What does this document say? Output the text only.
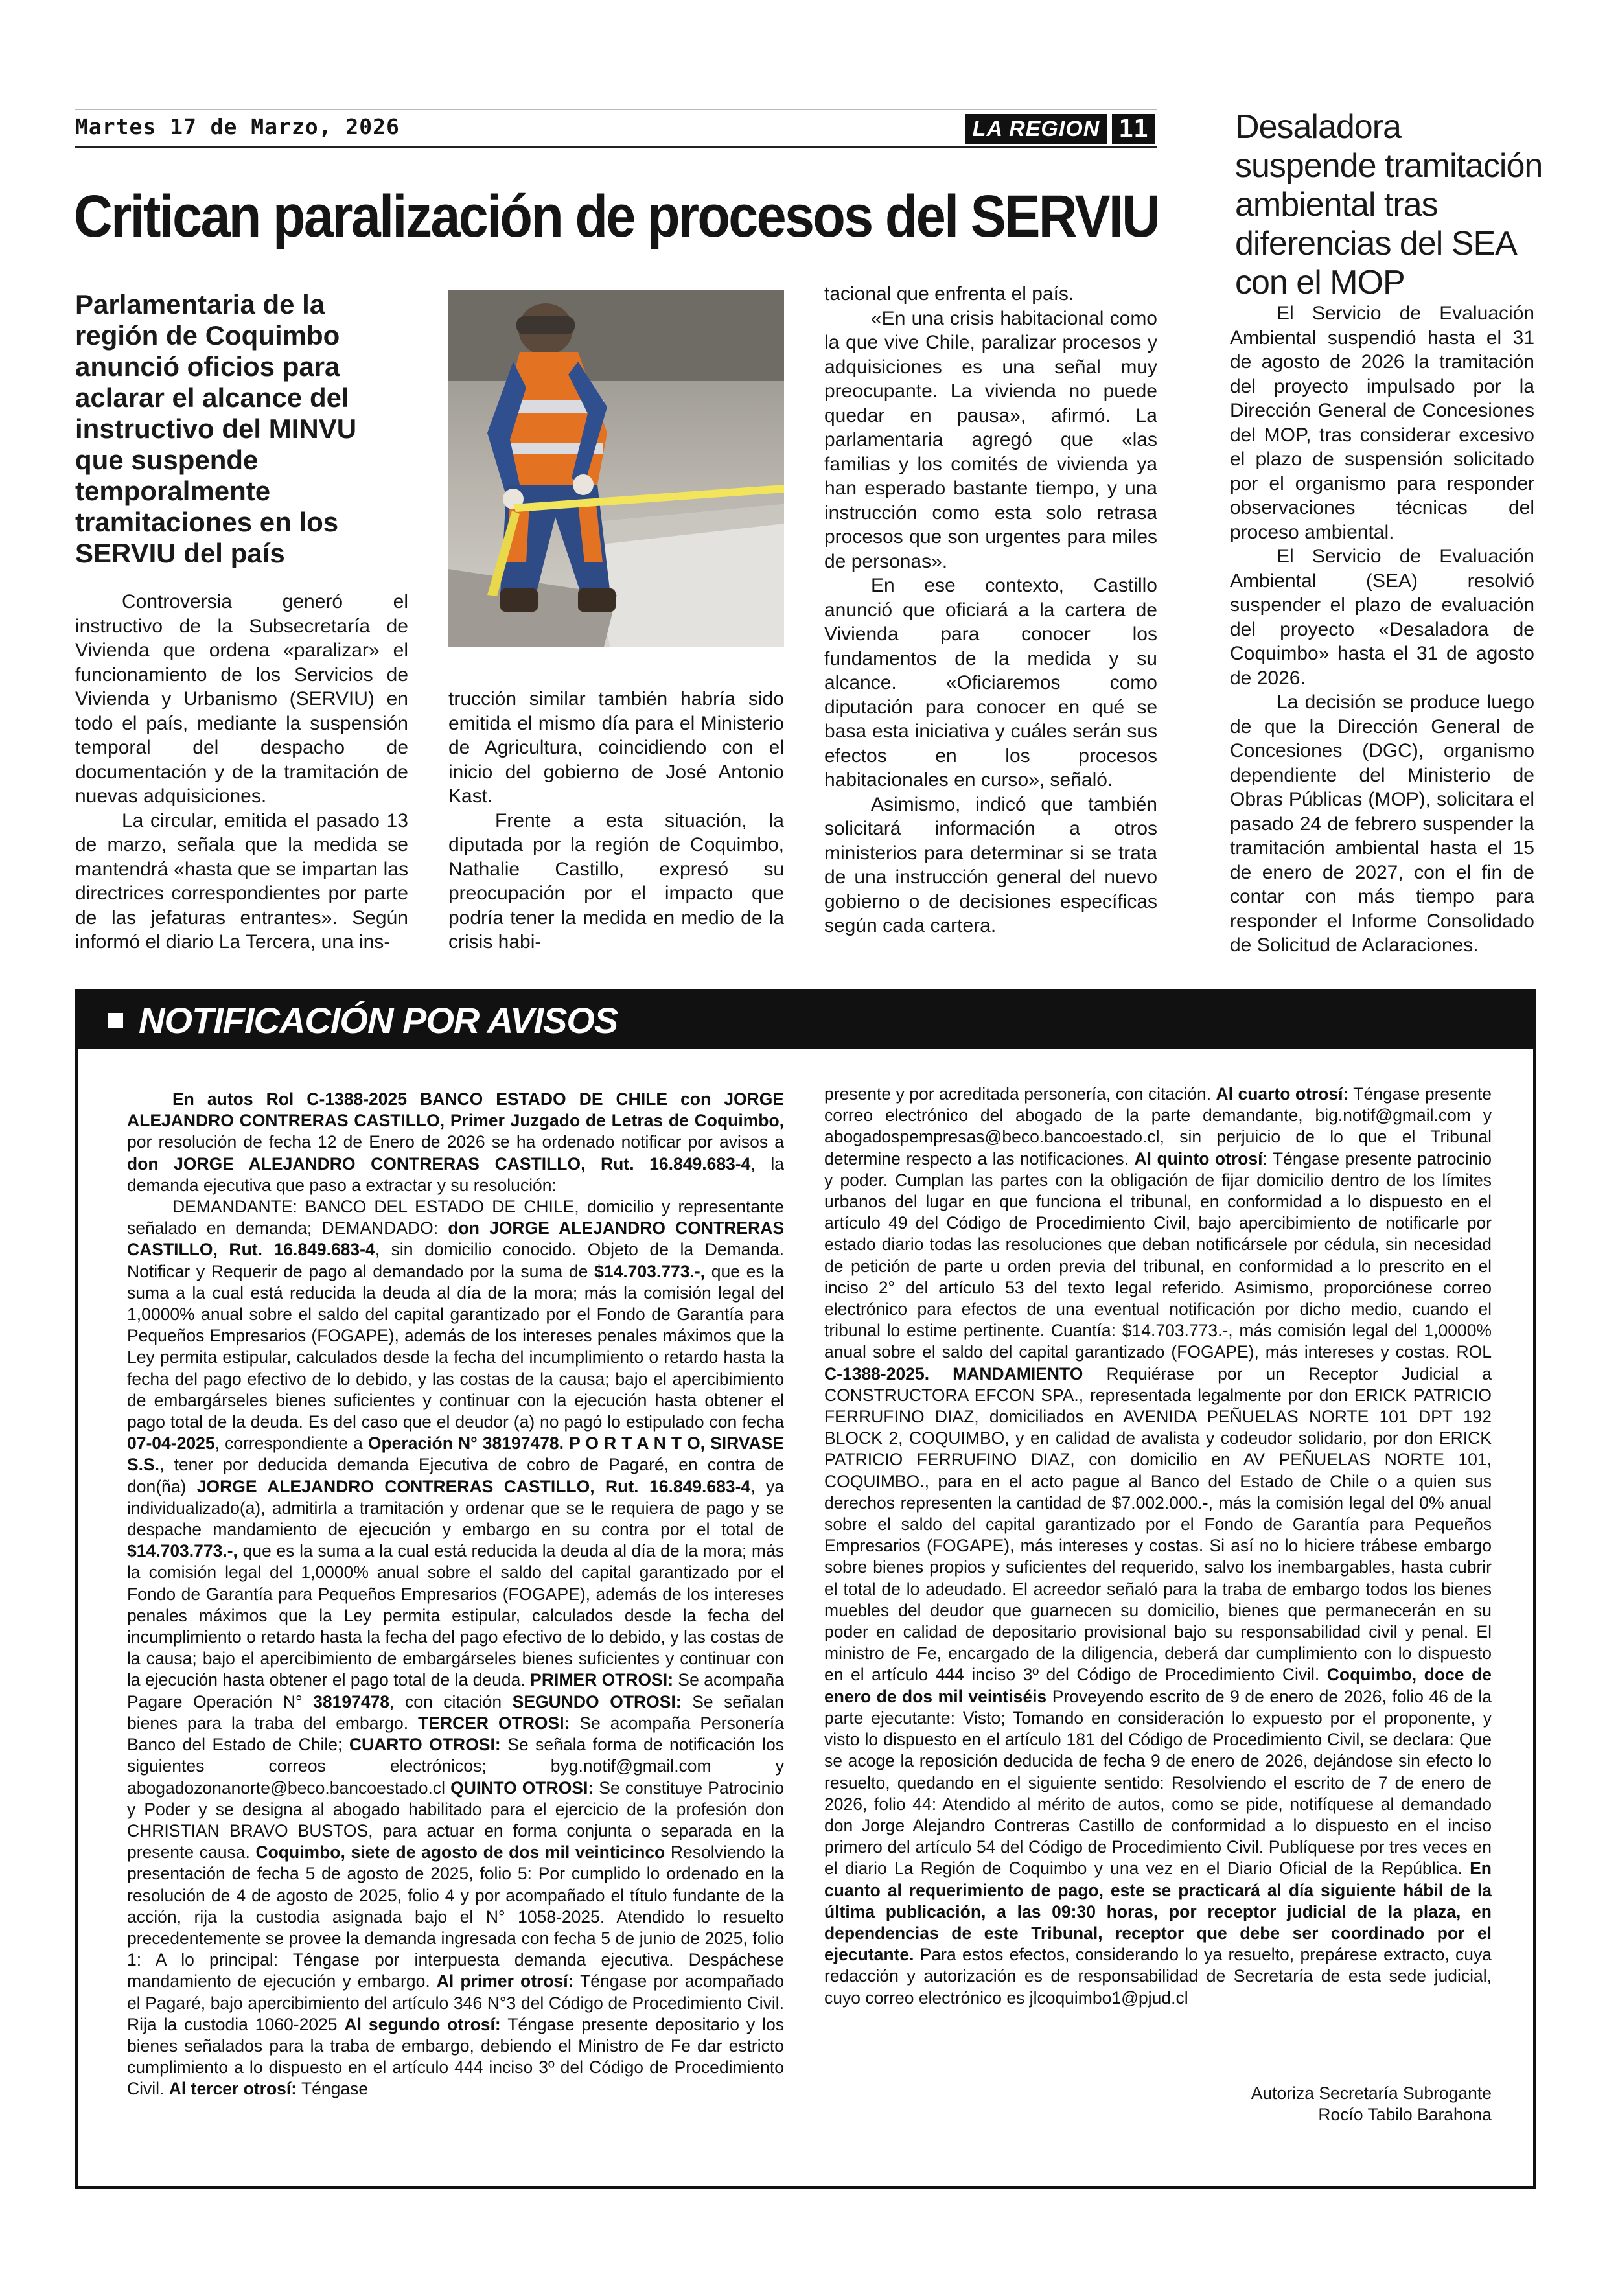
Martes 17 de Marzo, 2026	LA REGION 11
Critican paralización de procesos del SERVIU
Parlamentaria de la región de Coquimbo anunció oficios para aclarar el alcance del instructivo del MINVU que suspende temporalmente tramitaciones en los SERVIU del país

Controversia generó el instructivo de la Subsecretaría de Vivienda que ordena «paralizar» el funcionamiento de los Servicios de Vivienda y Urbanismo (SERVIU) en todo el país, mediante la suspensión temporal del despacho de documentación y de la tramitación de nuevas adquisiciones.

La circular, emitida el pasado 13 de marzo, señala que la medida se mantendrá «hasta que se impartan las directrices correspondientes por parte de las jefaturas entrantes». Según informó el diario La Tercera, una ins-

trucción similar también habría sido emitida el mismo día para el Ministerio de Agricultura, coincidiendo con el inicio del gobierno de José Antonio Kast.

Frente a esta situación, la diputada por la región de Coquimbo, Nathalie Castillo, expresó su preocupación por el impacto que podría tener la medida en medio de la crisis habi-

tacional que enfrenta el país.

«En una crisis habitacional como la que vive Chile, paralizar procesos y adquisiciones es una señal muy preocupante. La vivienda no puede quedar en pausa», afirmó. La parlamentaria agregó que «las familias y los comités de vivienda ya han esperado bastante tiempo, y una instrucción como esta solo retrasa procesos que son urgentes para miles de personas».

En ese contexto, Castillo anunció que oficiará a la cartera de Vivienda para conocer los fundamentos de la medida y su alcance. «Oficiaremos como diputación para conocer en qué se basa esta iniciativa y cuáles serán sus efectos en los procesos habitacionales en curso», señaló.

Asimismo, indicó que también solicitará información a otros ministerios para determinar si se trata de una instrucción general del nuevo gobierno o de decisiones específicas según cada cartera.

Desaladora suspende tramitación ambiental tras diferencias del SEA con el MOP

El Servicio de Evaluación Ambiental suspendió hasta el 31 de agosto de 2026 la tramitación del proyecto impulsado por la Dirección General de Concesiones del MOP, tras considerar excesivo el plazo de suspensión solicitado por el organismo para responder observaciones técnicas del proceso ambiental.

El Servicio de Evaluación Ambiental (SEA) resolvió suspender el plazo de evaluación del proyecto «Desaladora de Coquimbo» hasta el 31 de agosto de 2026.

La decisión se produce luego de que la Dirección General de Concesiones (DGC), organismo dependiente del Ministerio de Obras Públicas (MOP), solicitara el pasado 24 de febrero suspender la tramitación ambiental hasta el 15 de enero de 2027, con el fin de contar con más tiempo para responder el Informe Consolidado de Solicitud de Aclaraciones.

NOTIFICACIÓN POR AVISOS

En autos Rol C-1388-2025 BANCO ESTADO DE CHILE con JORGE ALEJANDRO CONTRERAS CASTILLO, Primer Juzgado de Letras de Coquimbo, por resolución de fecha 12 de Enero de 2026 se ha ordenado notificar por avisos a don JORGE ALEJANDRO CONTRERAS CASTILLO, Rut. 16.849.683-4, la demanda ejecutiva que paso a extractar y su resolución:

DEMANDANTE: BANCO DEL ESTADO DE CHILE, domicilio y representante señalado en demanda; DEMANDADO: don JORGE ALEJANDRO CONTRERAS CASTILLO, Rut. 16.849.683-4, sin domicilio conocido. Objeto de la Demanda. Notificar y Requerir de pago al demandado por la suma de $14.703.773.-, que es la suma a la cual está reducida la deuda al día de la mora; más la comisión legal del 1,0000% anual sobre el saldo del capital garantizado por el Fondo de Garantía para Pequeños Empresarios (FOGAPE), además de los intereses penales máximos que la Ley permita estipular, calculados desde la fecha del incumplimiento o retardo hasta la fecha del pago efectivo de lo debido, y las costas de la causa; bajo el apercibimiento de embargárseles bienes suficientes y continuar con la ejecución hasta obtener el pago total de la deuda. Es del caso que el deudor (a) no pagó lo estipulado con fecha 07-04-2025, correspondiente a Operación N° 38197478. P O R T A N T O, SIRVASE S.S., tener por deducida demanda Ejecutiva de cobro de Pagaré, en contra de don(ña) JORGE ALEJANDRO CONTRERAS CASTILLO, Rut. 16.849.683-4, ya individualizado(a), admitirla a tramitación y ordenar que se le requiera de pago y se despache mandamiento de ejecución y embargo en su contra por el total de $14.703.773.-, que es la suma a la cual está reducida la deuda al día de la mora; más la comisión legal del 1,0000% anual sobre el saldo del capital garantizado por el Fondo de Garantía para Pequeños Empresarios (FOGAPE), además de los intereses penales máximos que la Ley permita estipular, calculados desde la fecha del incumplimiento o retardo hasta la fecha del pago efectivo de lo debido, y las costas de la causa; bajo el apercibimiento de embargárseles bienes suficientes y continuar con la ejecución hasta obtener el pago total de la deuda. PRIMER OTROSI: Se acompaña Pagare Operación N° 38197478, con citación SEGUNDO OTROSI: Se señalan bienes para la traba del embargo. TERCER OTROSI: Se acompaña Personería Banco del Estado de Chile; CUARTO OTROSI: Se señala forma de notificación los siguientes correos electrónicos; byg.notif@gmail.com y abogadozonanorte@beco.bancoestado.cl QUINTO OTROSI: Se constituye Patrocinio y Poder y se designa al abogado habilitado para el ejercicio de la profesión don CHRISTIAN BRAVO BUSTOS, para actuar en forma conjunta o separada en la presente causa. Coquimbo, siete de agosto de dos mil veinticinco Resolviendo la presentación de fecha 5 de agosto de 2025, folio 5: Por cumplido lo ordenado en la resolución de 4 de agosto de 2025, folio 4 y por acompañado el título fundante de la acción, rija la custodia asignada bajo el N° 1058-2025. Atendido lo resuelto precedentemente se provee la demanda ingresada con fecha 5 de junio de 2025, folio 1: A lo principal: Téngase por interpuesta demanda ejecutiva. Despáchese mandamiento de ejecución y embargo. Al primer otrosí: Téngase por acompañado el Pagaré, bajo apercibimiento del artículo 346 N°3 del Código de Procedimiento Civil. Rija la custodia 1060-2025 Al segundo otrosí: Téngase presente depositario y los bienes señalados para la traba de embargo, debiendo el Ministro de Fe dar estricto cumplimiento a lo dispuesto en el artículo 444 inciso 3º del Código de Procedimiento Civil. Al tercer otrosí: Téngase

presente y por acreditada personería, con citación. Al cuarto otrosí: Téngase presente correo electrónico del abogado de la parte demandante, big.notif@gmail.com y abogadospempresas@beco.bancoestado.cl, sin perjuicio de lo que el Tribunal determine respecto a las notificaciones. Al quinto otrosí: Téngase presente patrocinio y poder. Cumplan las partes con la obligación de fijar domicilio dentro de los límites urbanos del lugar en que funciona el tribunal, en conformidad a lo dispuesto en el artículo 49 del Código de Procedimiento Civil, bajo apercibimiento de notificarle por estado diario todas las resoluciones que deban notificársele por cédula, sin necesidad de petición de parte u orden previa del tribunal, en conformidad a lo prescrito en el inciso 2° del artículo 53 del texto legal referido. Asimismo, proporciónese correo electrónico para efectos de una eventual notificación por dicho medio, cuando el tribunal lo estime pertinente. Cuantía: $14.703.773.-, más comisión legal del 1,0000% anual sobre el saldo del capital garantizado (FOGAPE), más intereses y costas. ROL C-1388-2025. MANDAMIENTO Requiérase por un Receptor Judicial a CONSTRUCTORA EFCON SPA., representada legalmente por don ERICK PATRICIO FERRUFINO DIAZ, domiciliados en AVENIDA PEÑUELAS NORTE 101 DPT 192 BLOCK 2, COQUIMBO, y en calidad de avalista y codeudor solidario, por don ERICK PATRICIO FERRUFINO DIAZ, con domicilio en AV PEÑUELAS NORTE 101, COQUIMBO., para en el acto pague al Banco del Estado de Chile o a quien sus derechos representen la cantidad de $7.002.000.-, más la comisión legal del 0% anual sobre el saldo del capital garantizado por el Fondo de Garantía para Pequeños Empresarios (FOGAPE), más intereses y costas. Si así no lo hiciere trábese embargo sobre bienes propios y suficientes del requerido, salvo los inembargables, hasta cubrir el total de lo adeudado. El acreedor señaló para la traba de embargo todos los bienes muebles del deudor que guarnecen su domicilio, bienes que permanecerán en su poder en calidad de depositario provisional bajo su responsabilidad civil y penal. El ministro de Fe, encargado de la diligencia, deberá dar cumplimiento con lo dispuesto en el artículo 444 inciso 3º del Código de Procedimiento Civil. Coquimbo, doce de enero de dos mil veintiséis Proveyendo escrito de 9 de enero de 2026, folio 46 de la parte ejecutante: Visto; Tomando en consideración lo expuesto por el proponente, y visto lo dispuesto en el artículo 181 del Código de Procedimiento Civil, se declara: Que se acoge la reposición deducida de fecha 9 de enero de 2026, dejándose sin efecto lo resuelto, quedando en el siguiente sentido: Resolviendo el escrito de 7 de enero de 2026, folio 44: Atendido al mérito de autos, como se pide, notifíquese al demandado don Jorge Alejandro Contreras Castillo de conformidad a lo dispuesto en el inciso primero del artículo 54 del Código de Procedimiento Civil. Publíquese por tres veces en el diario La Región de Coquimbo y una vez en el Diario Oficial de la República. En cuanto al requerimiento de pago, este se practicará al día siguiente hábil de la última publicación, a las 09:30 horas, por receptor judicial de la plaza, en dependencias de este Tribunal, receptor que debe ser coordinado por el ejecutante. Para estos efectos, considerando lo ya resuelto, prepárese extracto, cuya redacción y autorización es de responsabilidad de Secretaría de esta sede judicial, cuyo correo electrónico es jlcoquimbo1@pjud.cl

Autoriza Secretaría Subrogante
Rocío Tabilo Barahona
